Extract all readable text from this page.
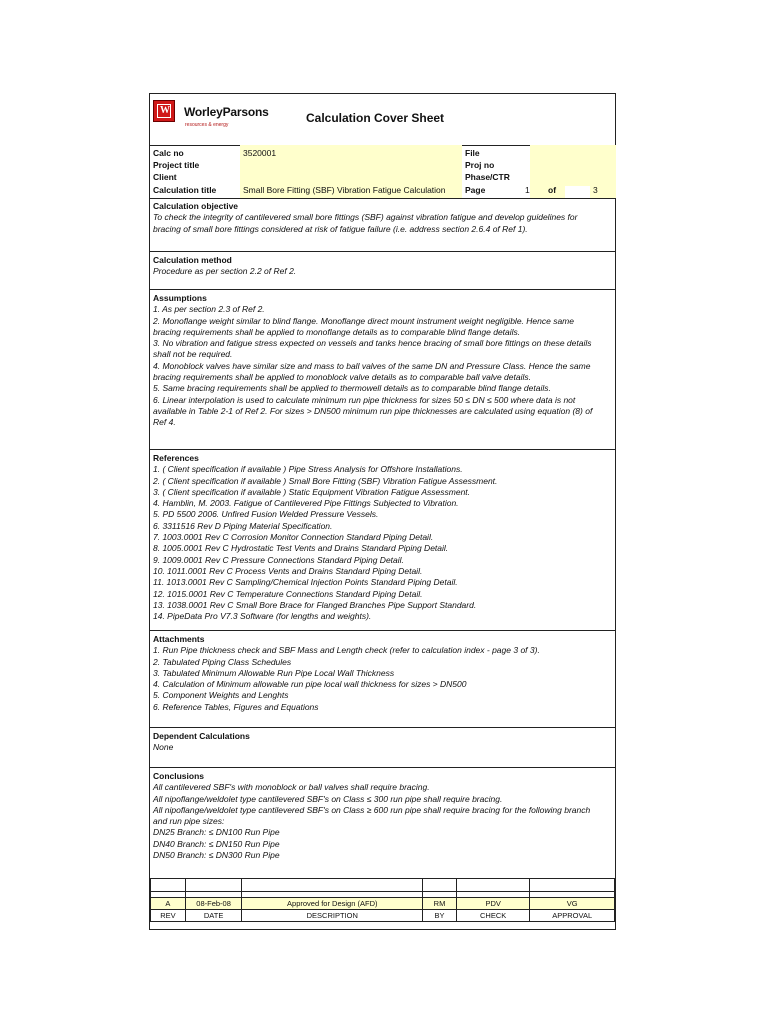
W WorleyParsons
resources & energy	Calculation Cover Sheet
Calc no	3520001
Project title
Client
Calculation title	Small Bore Fitting (SBF) Vibration Fatigue Calculation
File
Proj no
Phase/CTR
Page	1 of	3
Calculation objective
To check the integrity of cantilevered small bore fittings (SBF) against vibration fatigue and develop guidelines for
bracing of small bore fittings considered at risk of fatigue failure (i.e. address section 2.6.4 of Ref 1).
Calculation method
Procedure as per section 2.2 of Ref 2.
Assumptions
1. As per section 2.3 of Ref 2.
2. Monoflange weight similar to blind flange. Monoflange direct mount instrument weight negligible. Hence same
bracing requirements shall be applied to monoflange details as to comparable blind flange details.
3. No vibration and fatigue stress expected on vessels and tanks hence bracing of small bore fittings on these details
shall not be required.
4. Monoblock valves have similar size and mass to ball valves of the same DN and Pressure Class. Hence the same
bracing requirements shall be applied to monoblock valve details as to comparable ball valve details.
5. Same bracing requirements shall be applied to thermowell details as to comparable blind flange details.
6. Linear interpolation is used to calculate minimum run pipe thickness for sizes 50 ≤ DN ≤ 500 where data is not
available in Table 2-1 of Ref 2. For sizes > DN500 minimum run pipe thicknesses are calculated using equation (8) of
Ref 4.
References
1. ( Client specification if available ) Pipe Stress Analysis for Offshore Installations.
2. ( Client specification if available ) Small Bore Fitting (SBF) Vibration Fatigue Assessment.
3. ( Client specification if available ) Static Equipment Vibration Fatigue Assessment.
4. Hamblin, M. 2003. Fatigue of Cantilevered Pipe Fittings Subjected to Vibration.
5. PD 5500 2006. Unfired Fusion Welded Pressure Vessels.
6. 3311516 Rev D Piping Material Specification.
7. 1003.0001 Rev C Corrosion Monitor Connection Standard Piping Detail.
8. 1005.0001 Rev C Hydrostatic Test Vents and Drains Standard Piping Detail.
9. 1009.0001 Rev C Pressure Connections Standard Piping Detail.
10. 1011.0001 Rev C Process Vents and Drains Standard Piping Detail.
11. 1013.0001 Rev C Sampling/Chemical Injection Points Standard Piping Detail.
12. 1015.0001 Rev C Temperature Connections Standard Piping Detail.
13. 1038.0001 Rev C Small Bore Brace for Flanged Branches Pipe Support Standard.
14. PipeData Pro V7.3 Software (for lengths and weights).
Attachments
1. Run Pipe thickness check and SBF Mass and Length check (refer to calculation index - page 3 of 3).
2. Tabulated Piping Class Schedules
3. Tabulated Minimum Allowable Run Pipe Local Wall Thickness
4. Calculation of Minimum allowable run pipe local wall thickness for sizes > DN500
5. Component Weights and Lenghts
6. Reference Tables, Figures and Equations
Dependent Calculations
None
Conclusions
All cantilevered SBF's with monoblock or ball valves shall require bracing.
All nipoflange/weldolet type cantilevered SBF's on Class ≤ 300 run pipe shall require bracing.
All nipoflange/weldolet type cantilevered SBF's on Class ≥ 600 run pipe shall require bracing for the following branch
and run pipe sizes:
DN25 Branch: ≤ DN100 Run Pipe
DN40 Branch: ≤ DN150 Run Pipe
DN50 Branch: ≤ DN300 Run Pipe

A	08-Feb-08	Approved for Design (AFD)	RM	PDV	VG
REV	DATE	DESCRIPTION	BY	CHECK	APPROVAL
